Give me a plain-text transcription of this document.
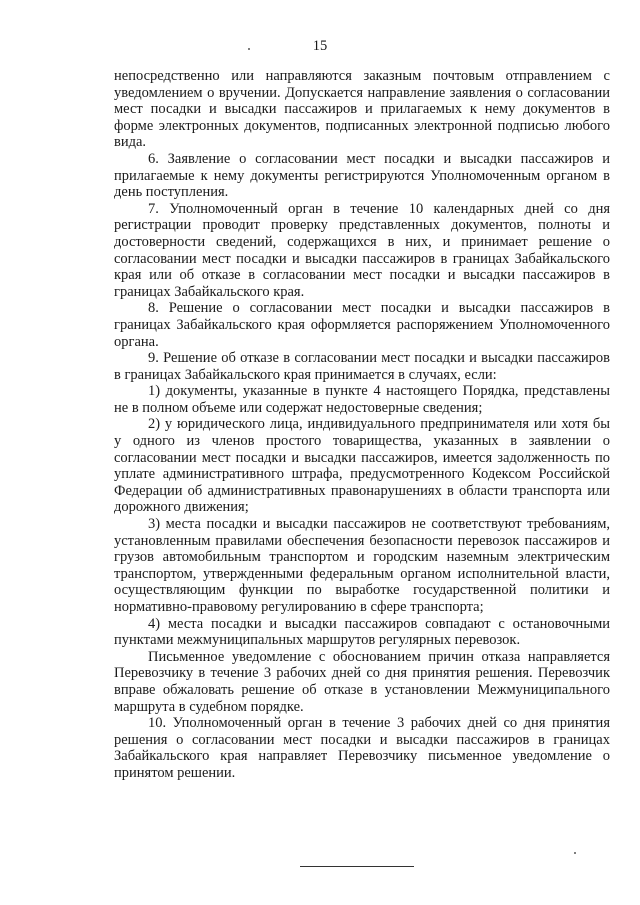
15

непосредственно или направляются заказным почтовым отправлением с уведомлением о вручении. Допускается направление заявления о согласовании мест посадки и высадки пассажиров и прилагаемых к нему документов в форме электронных документов, подписанных электронной подписью любого вида.

6. Заявление о согласовании мест посадки и высадки пассажиров и прилагаемые к нему документы регистрируются Уполномоченным органом в день поступления.

7. Уполномоченный орган в течение 10 календарных дней со дня регистрации проводит проверку представленных документов, полноты и достоверности сведений, содержащихся в них, и принимает решение о согласовании мест посадки и высадки пассажиров в границах Забайкальского края или об отказе в согласовании мест посадки и высадки пассажиров в границах Забайкальского края.

8. Решение о согласовании мест посадки и высадки пассажиров в границах Забайкальского края оформляется распоряжением Уполномоченного органа.

9. Решение об отказе в согласовании мест посадки и высадки пассажиров в границах Забайкальского края принимается в случаях, если:

1) документы, указанные в пункте 4 настоящего Порядка, представлены не в полном объеме или содержат недостоверные сведения;

2) у юридического лица, индивидуального предпринимателя или хотя бы у одного из членов простого товарищества, указанных в заявлении о согласовании мест посадки и высадки пассажиров, имеется задолженность по уплате административного штрафа, предусмотренного Кодексом Российской Федерации об административных правонарушениях в области транспорта или дорожного движения;

3) места посадки и высадки пассажиров не соответствуют требованиям, установленным правилами обеспечения безопасности перевозок пассажиров и грузов автомобильным транспортом и городским наземным электрическим транспортом, утвержденными федеральным органом исполнительной власти, осуществляющим функции по выработке государственной политики и нормативно-правовому регулированию в сфере транспорта;

4) места посадки и высадки пассажиров совпадают с остановочными пунктами межмуниципальных маршрутов регулярных перевозок.

Письменное уведомление с обоснованием причин отказа направляется Перевозчику в течение 3 рабочих дней со дня принятия решения. Перевозчик вправе обжаловать решение об отказе в установлении Межмуниципального маршрута в судебном порядке.

10. Уполномоченный орган в течение 3 рабочих дней со дня принятия решения о согласовании мест посадки и высадки пассажиров в границах Забайкальского края направляет Перевозчику письменное уведомление о принятом решении.
